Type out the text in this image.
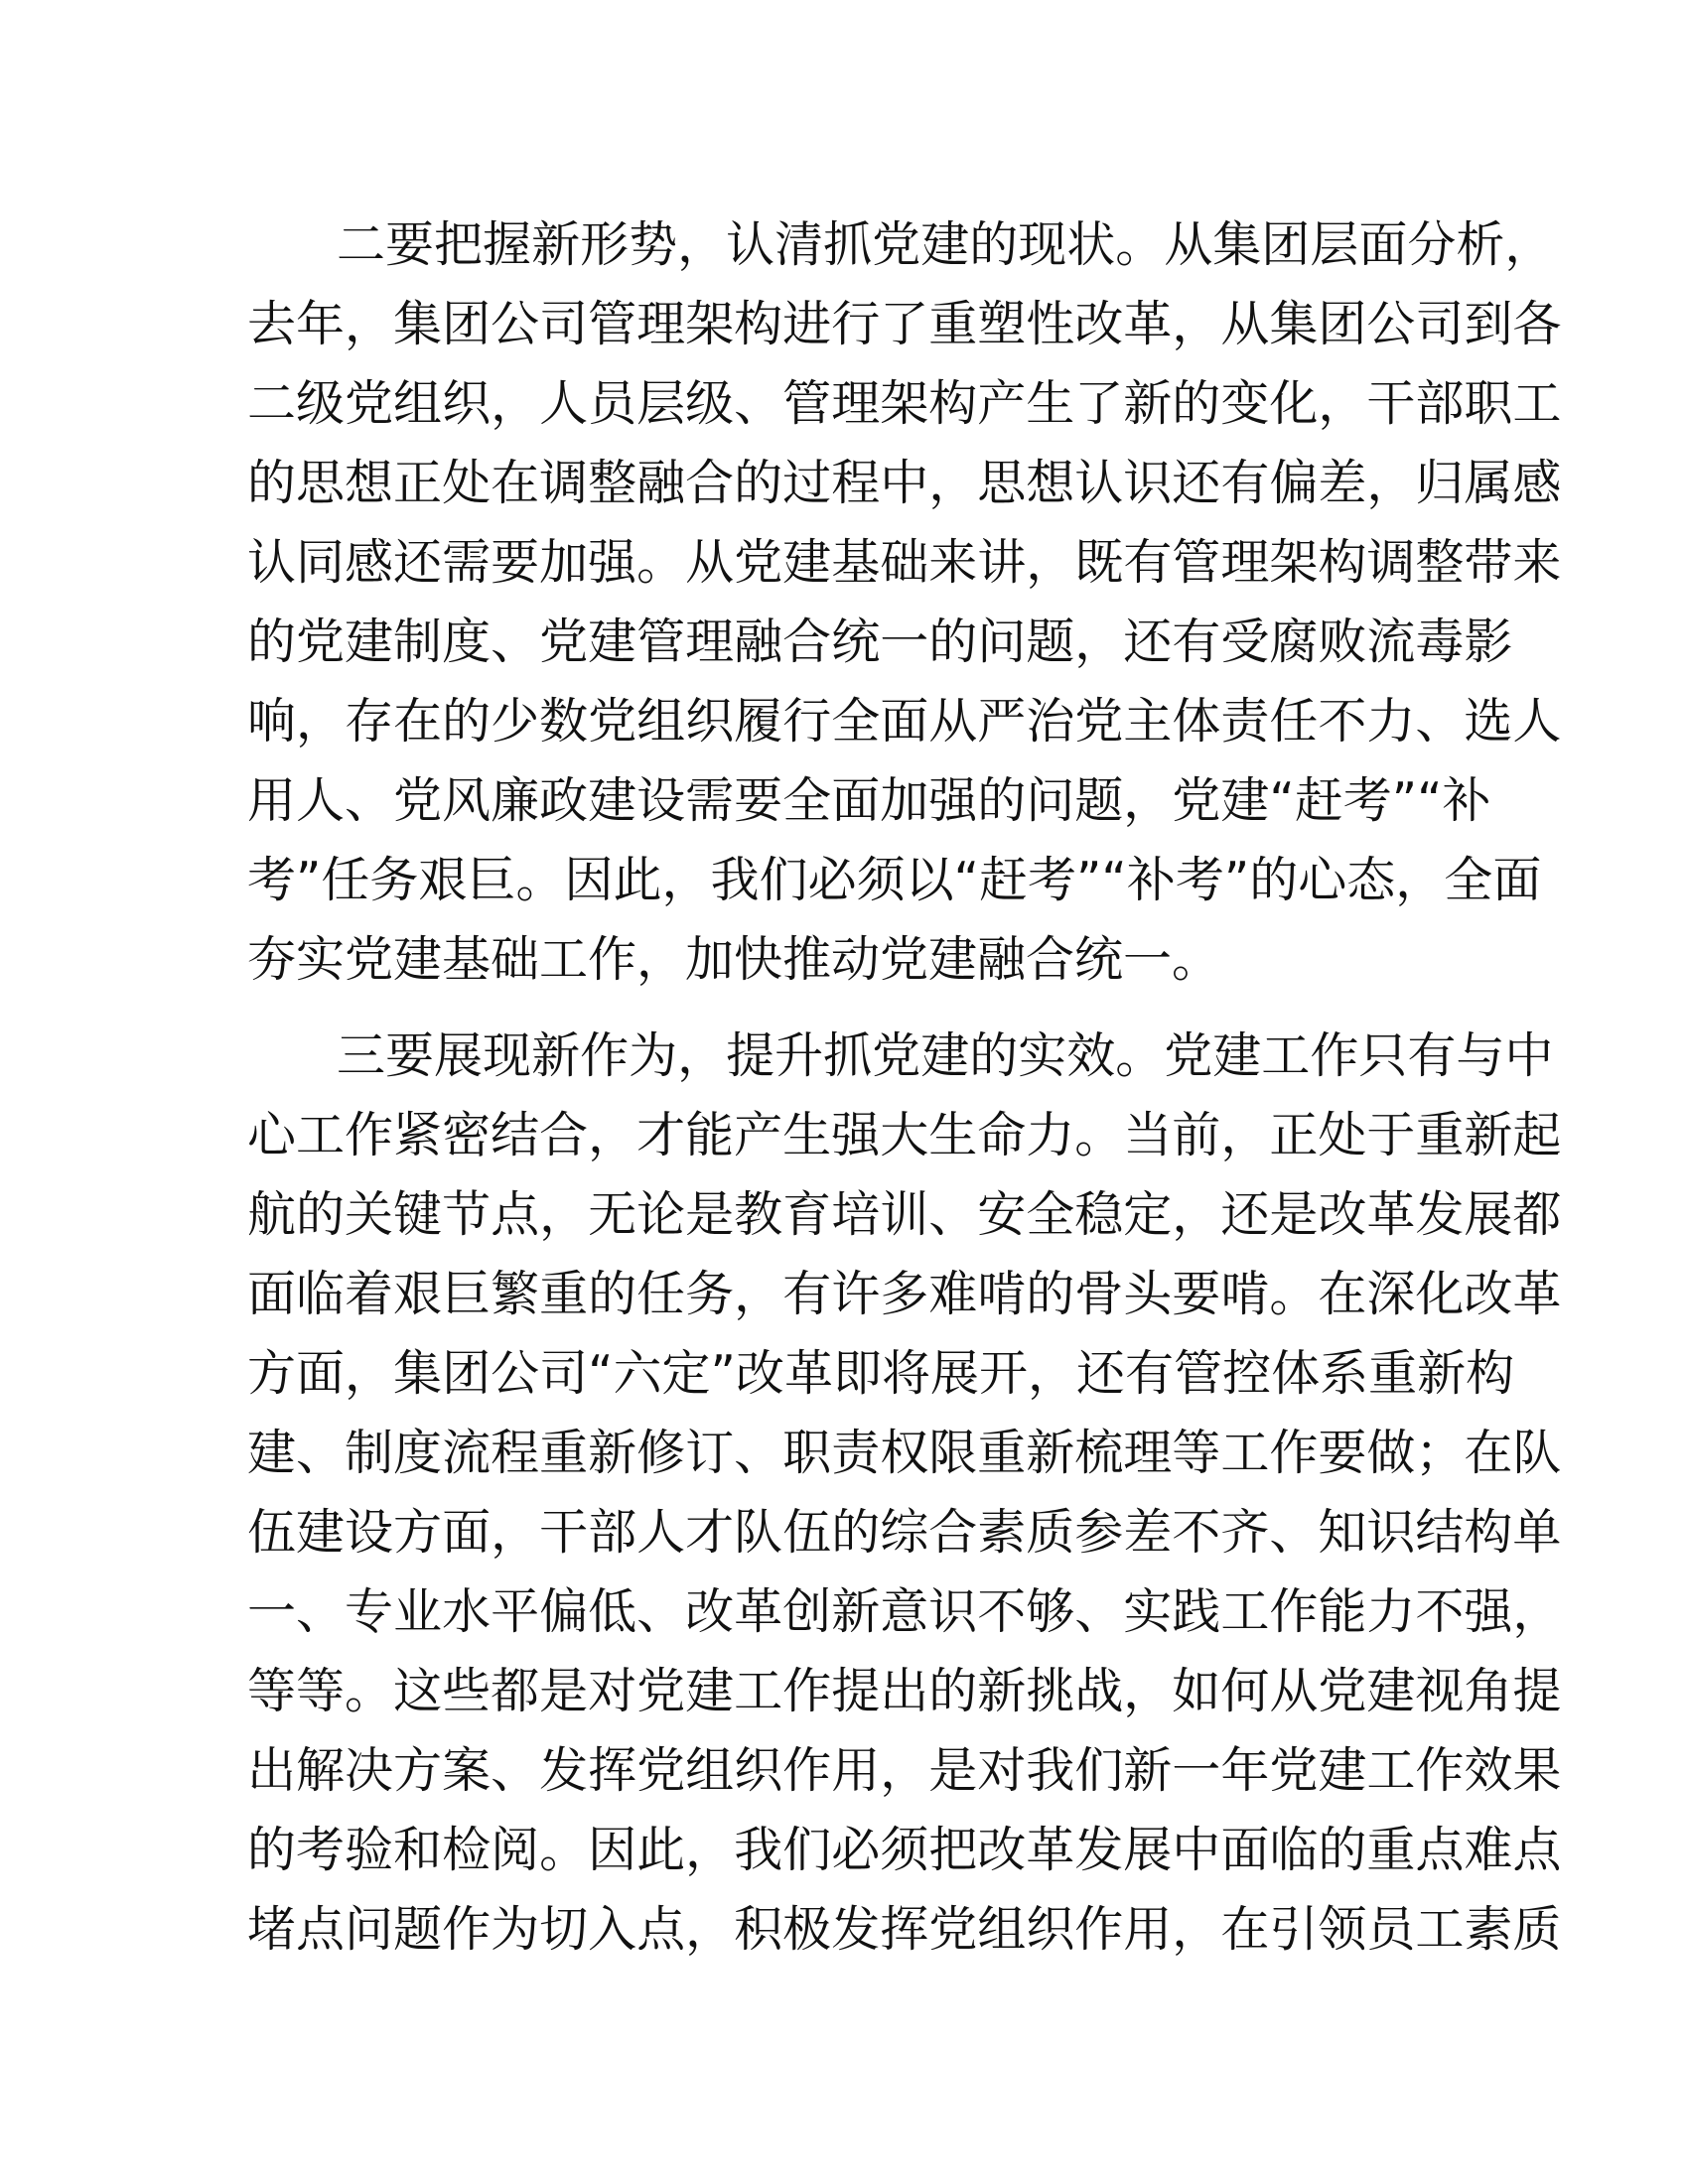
二 要 把 握 新 形 势 ， 认 清 抓 党 建 的 现 状 。 从 集 团 层 面 分 析 ，
去 年 ， 集 团 公 司 管 理 架 构 进 行 了 重 塑 性 改 革 ， 从 集 团 公 司 到 各
二 级 党 组 织 ， 人 员 层 级 、 管 理 架 构 产 生 了 新 的 变 化 ， 干 部 职 工
的 思 想 正 处 在 调 整 融 合 的 过 程 中 ， 思 想 认 识 还 有 偏 差 ， 归 属 感
认 同 感 还 需 要 加 强 。 从 党 建 基 础 来 讲 ， 既 有 管 理 架 构 调 整 带 来
的 党 建 制 度 、 党 建 管 理 融 合 统 一 的 问 题 ， 还 有 受 腐 败 流 毒 影
响 ， 存 在 的 少 数 党 组 织 履 行 全 面 从 严 治 党 主 体 责 任 不 力 、 选 人
用 人 、 党 风 廉 政 建 设 需 要 全 面 加 强 的 问 题 ， 党 建 “ 赶 考 ” “ 补
考 ” 任 务 艰 巨 。 因 此 ， 我 们 必 须 以 “ 赶 考 ” “ 补 考 ” 的 心 态 ， 全 面
夯实党建基础工作，加快推动党建融合统一。
三 要 展 现 新 作 为 ， 提 升 抓 党 建 的 实 效 。 党 建 工 作 只 有 与 中
心 工 作 紧 密 结 合 ， 才 能 产 生 强 大 生 命 力 。 当 前 ， 正 处 于 重 新 起
航 的 关 键 节 点 ， 无 论 是 教 育 培 训 、 安 全 稳 定 ， 还 是 改 革 发 展 都
面 临 着 艰 巨 繁 重 的 任 务 ， 有 许 多 难 啃 的 骨 头 要 啃 。 在 深 化 改 革
方 面 ， 集 团 公 司 “ 六 定 ” 改 革 即 将 展 开 ， 还 有 管 控 体 系 重 新 构
建 、 制 度 流 程 重 新 修 订 、 职 责 权 限 重 新 梳 理 等 工 作 要 做 ； 在 队
伍 建 设 方 面 ， 干 部 人 才 队 伍 的 综 合 素 质 参 差 不 齐 、 知 识 结 构 单
一 、 专 业 水 平 偏 低 、 改 革 创 新 意 识 不 够 、 实 践 工 作 能 力 不 强 ，
等 等 。 这 些 都 是 对 党 建 工 作 提 出 的 新 挑 战 ， 如 何 从 党 建 视 角 提
出 解 决 方 案 、 发 挥 党 组 织 作 用 ， 是 对 我 们 新 一 年 党 建 工 作 效 果
的 考 验 和 检 阅 。 因 此 ， 我 们 必 须 把 改 革 发 展 中 面 临 的 重 点 难 点
堵 点 问 题 作 为 切 入 点 ， 积 极 发 挥 党 组 织 作 用 ， 在 引 领 员 工 素 质
